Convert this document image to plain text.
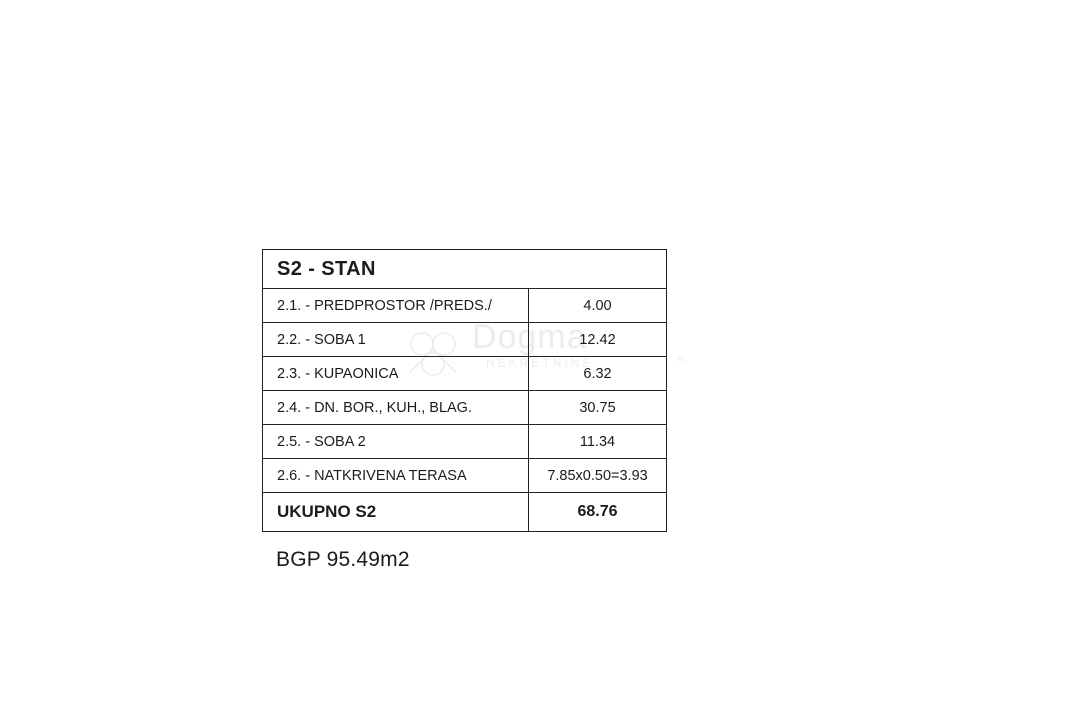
Dogma
NEKRETNINE	®
S2 - STAN	
2.1. - PREDPROSTOR /PREDS./	4.00
2.2. - SOBA 1	12.42
2.3. - KUPAONICA	6.32
2.4. - DN. BOR., KUH., BLAG.	30.75
2.5. - SOBA 2	11.34
2.6. - NATKRIVENA TERASA	7.85x0.50=3.93
UKUPNO S2	68.76
BGP 95.49m2
